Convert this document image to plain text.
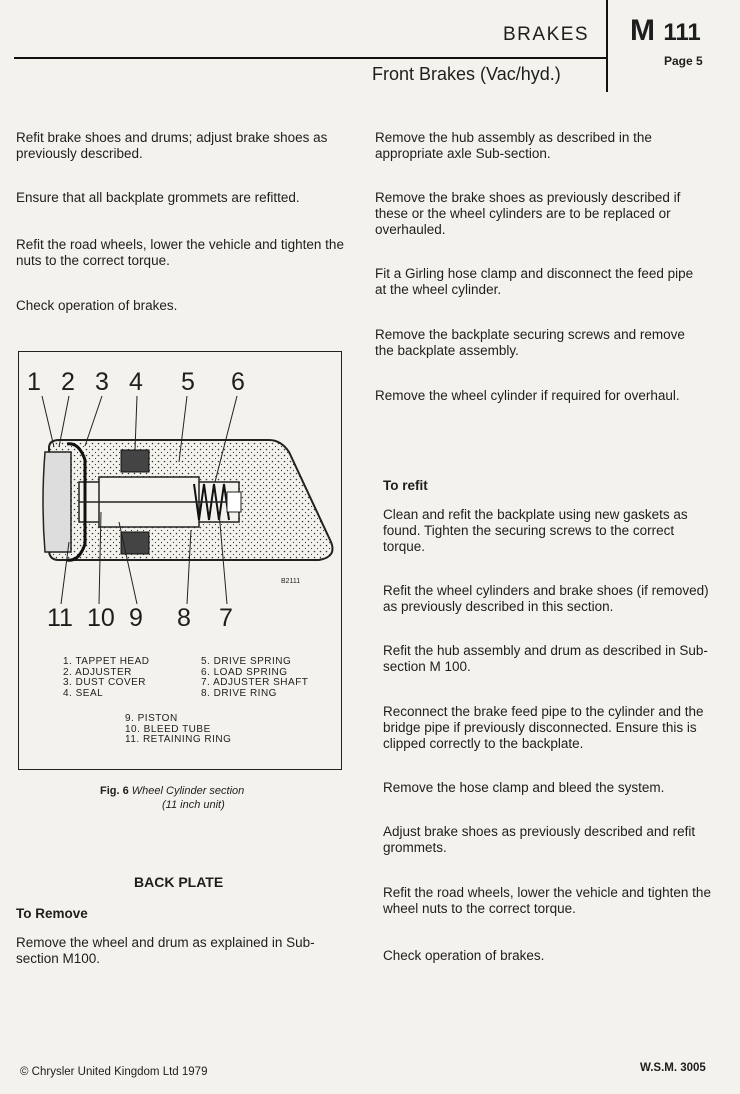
BRAKES
Front Brakes (Vac/hyd.)
M 111
Page 5
Refit brake shoes and drums; adjust brake shoes as previously described.
Ensure that all backplate grommets are refitted.
Refit the road wheels, lower the vehicle and tighten the nuts to the correct torque.
Check operation of brakes.
1 2 3 4 5 6
B2111
11 10 9 8 7
1. TAPPET HEAD
2. ADJUSTER
3. DUST COVER
4. SEAL
5. DRIVE SPRING
6. LOAD SPRING
7. ADJUSTER SHAFT
8. DRIVE RING
9. PISTON
10. BLEED TUBE
11. RETAINING RING
Fig. 6 Wheel Cylinder section
(11 inch unit)
BACK PLATE
To Remove
Remove the wheel and drum as explained in Sub-section M100.
Remove the hub assembly as described in the appropriate axle Sub-section.
Remove the brake shoes as previously described if these or the wheel cylinders are to be replaced or overhauled.
Fit a Girling hose clamp and disconnect the feed pipe at the wheel cylinder.
Remove the backplate securing screws and remove the backplate assembly.
Remove the wheel cylinder if required for overhaul.
To refit
Clean and refit the backplate using new gaskets as found. Tighten the securing screws to the correct torque.
Refit the wheel cylinders and brake shoes (if removed) as previously described in this section.
Refit the hub assembly and drum as described in Sub-section M 100.
Reconnect the brake feed pipe to the cylinder and the bridge pipe if previously disconnected. Ensure this is clipped correctly to the backplate.
Remove the hose clamp and bleed the system.
Adjust brake shoes as previously described and refit grommets.
Refit the road wheels, lower the vehicle and tighten the wheel nuts to the correct torque.
Check operation of brakes.
© Chrysler United Kingdom Ltd 1979	W.S.M. 3005
